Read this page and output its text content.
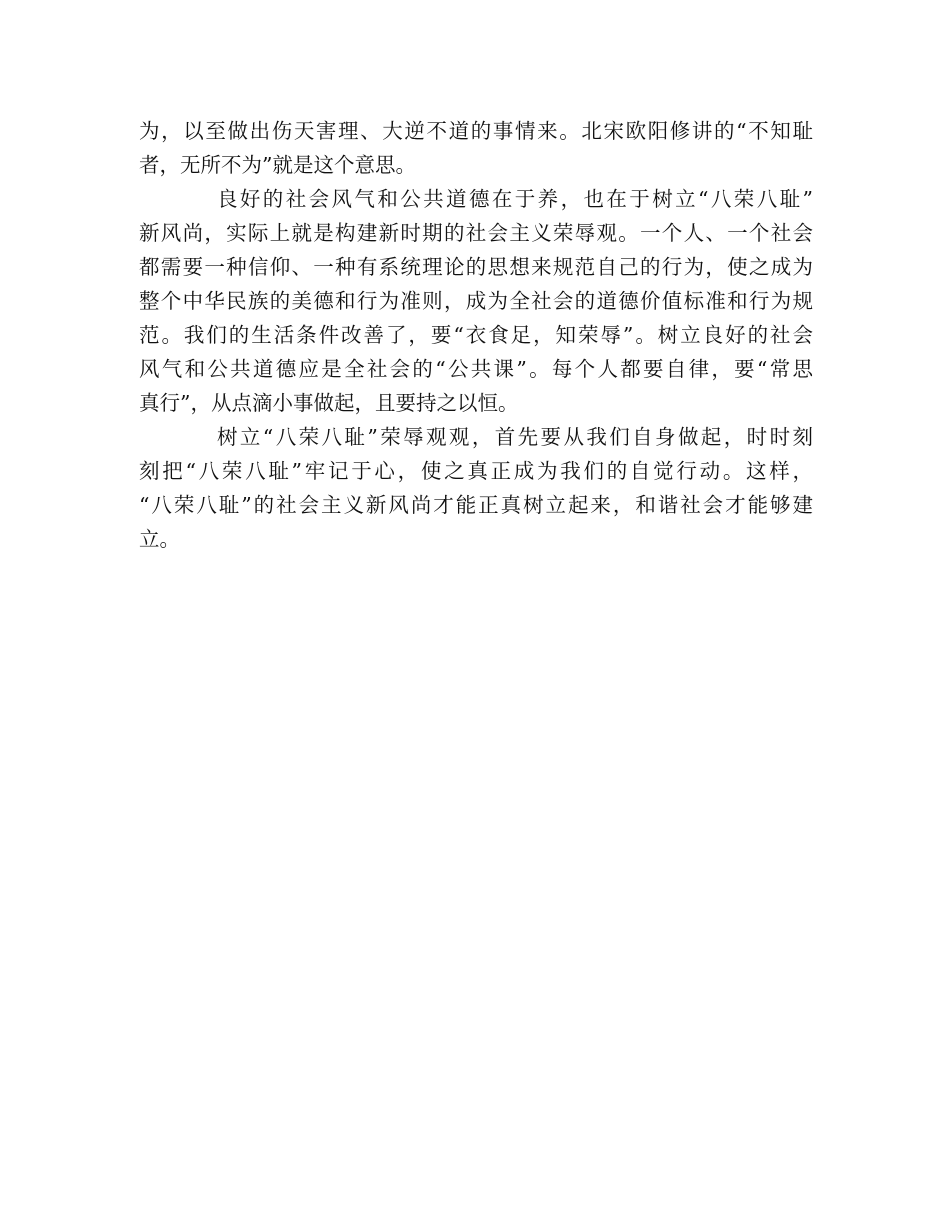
为，以至做出伤天害理、大逆不道的事情来。北宋欧阳修讲的“不知耻
者，无所不为”就是这个意思。
良好的社会风气和公共道德在于养，也在于树立“八荣八耻”
新风尚，实际上就是构建新时期的社会主义荣辱观。一个人、一个社会
都需要一种信仰、一种有系统理论的思想来规范自己的行为，使之成为
整个中华民族的美德和行为准则，成为全社会的道德价值标准和行为规
范。我们的生活条件改善了，要“衣食足，知荣辱”。树立良好的社会
风气和公共道德应是全社会的“公共课”。每个人都要自律，要“常思
真行”，从点滴小事做起，且要持之以恒。
树立“八荣八耻”荣辱观观，首先要从我们自身做起，时时刻
刻把“八荣八耻”牢记于心，使之真正成为我们的自觉行动。这样，
“八荣八耻”的社会主义新风尚才能正真树立起来，和谐社会才能够建
立。
